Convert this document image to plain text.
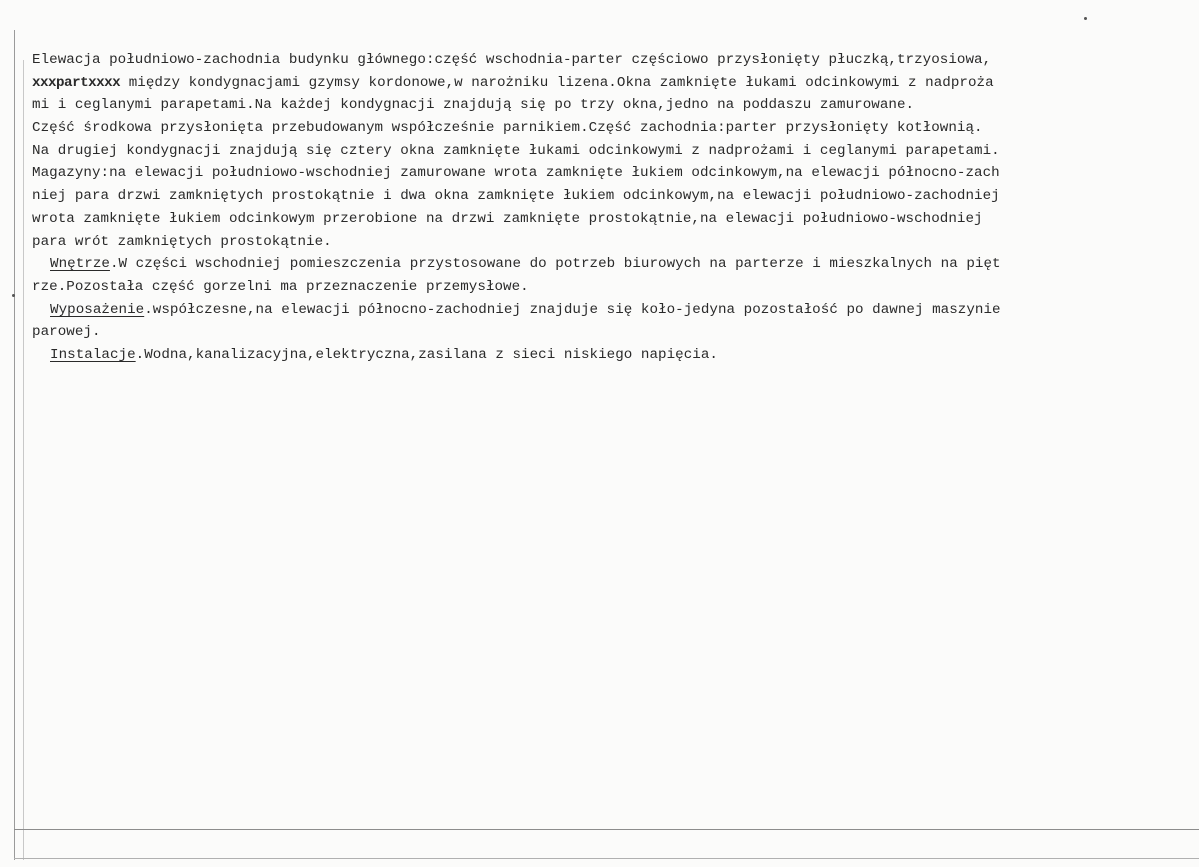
Elewacja południowo-zachodnia budynku głównego:część wschodnia-parter częściowo przysłonięty płuczką,trzyosiowa,
xxxpartxxxx między kondygnacjami gzymsy kordonowe,w narożniku lizena.Okna zamknięte łukami odcinkowymi z nadproża
mi i ceglanymi parapetami.Na każdej kondygnacji znajdują się po trzy okna,jedno na poddaszu zamurowane.
Część środkowa przysłonięta przebudowanym współcześnie parnikiem.Część zachodnia:parter przysłonięty kotłownią.
Na drugiej kondygnacji znajdują się cztery okna zamknięte łukami odcinkowymi z nadprożami i ceglanymi parapetami.
Magazyny:na elewacji południowo-wschodniej zamurowane wrota zamknięte łukiem odcinkowym,na elewacji północno-zach
niej para drzwi zamkniętych prostokątnie i dwa okna zamknięte łukiem odcinkowym,na elewacji południowo-zachodniej
wrota zamknięte łukiem odcinkowym przerobione na drzwi zamknięte prostokątnie,na elewacji południowo-wschodniej
para wrót zamkniętych prostokątnie.
Wnętrze.W części wschodniej pomieszczenia przystosowane do potrzeb biurowych na parterze i mieszkalnych na pięt
rze.Pozostała część gorzelni ma przeznaczenie przemysłowe.
Wyposażenie.współczesne,na elewacji północno-zachodniej znajduje się koło-jedyna pozostałość po dawnej maszynie
parowej.
Instalacje.Wodna,kanalizacyjna,elektryczna,zasilana z sieci niskiego napięcia.
